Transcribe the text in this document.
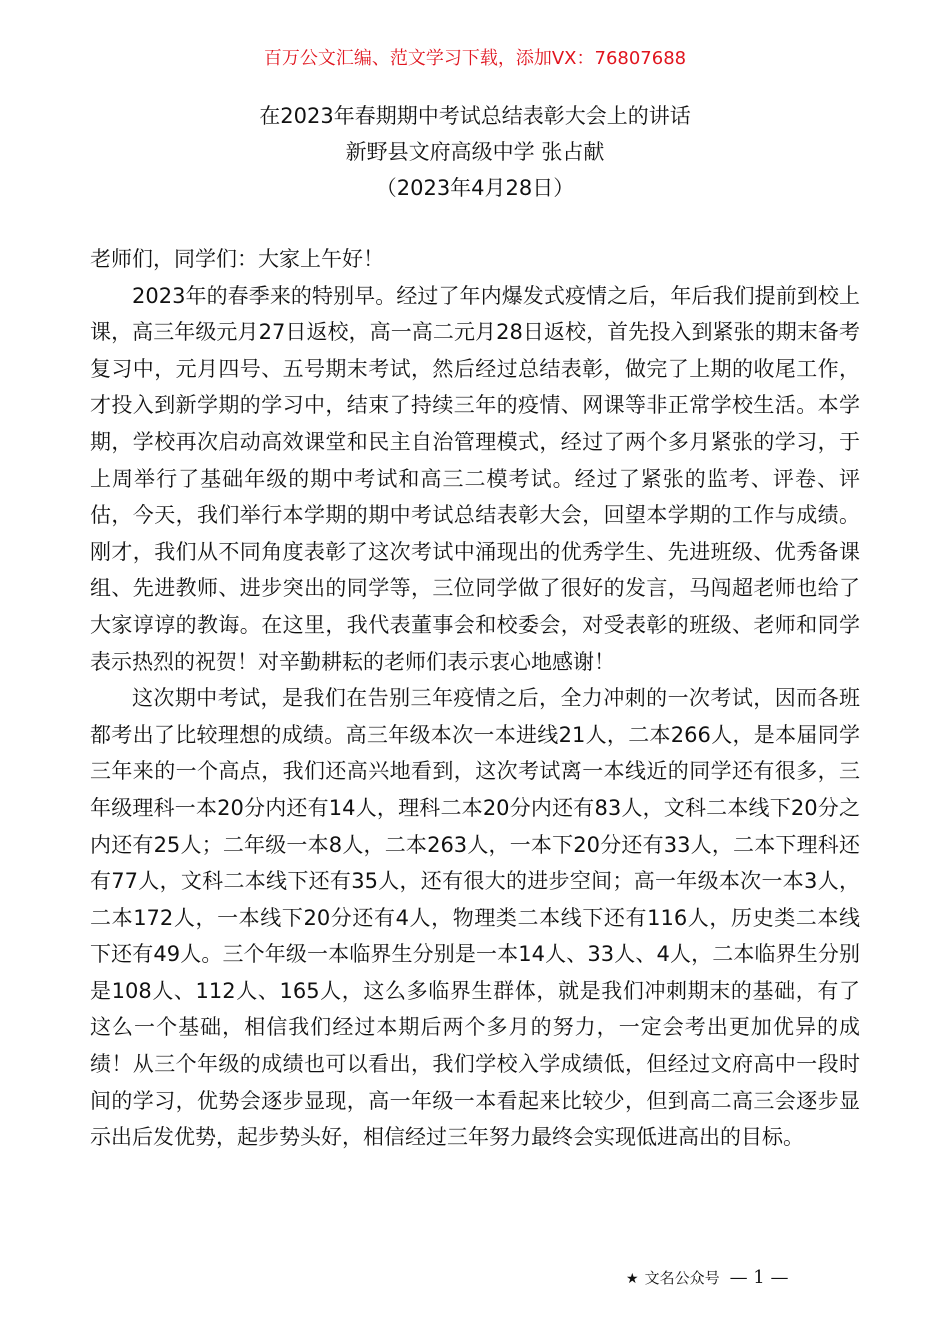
百万公文汇编、范文学习下载，添加VX：76807688
在2023年春期期中考试总结表彰大会上的讲话
新野县文府高级中学 张占献
（2023年4月28日）

老师们，同学们：大家上午好！

2023年的春季来的特别早。经过了年内爆发式疫情之后，年后我们提前到校上课，高三年级元月27日返校，高一高二元月28日返校，首先投入到紧张的期末备考复习中，元月四号、五号期末考试，然后经过总结表彰，做完了上期的收尾工作，才投入到新学期的学习中，结束了持续三年的疫情、网课等非正常学校生活。本学期，学校再次启动高效课堂和民主自治管理模式，经过了两个多月紧张的学习，于上周举行了基础年级的期中考试和高三二模考试。经过了紧张的监考、评卷、评估，今天，我们举行本学期的期中考试总结表彰大会，回望本学期的工作与成绩。刚才，我们从不同角度表彰了这次考试中涌现出的优秀学生、先进班级、优秀备课组、先进教师、进步突出的同学等，三位同学做了很好的发言，马闯超老师也给了大家谆谆的教诲。在这里，我代表董事会和校委会，对受表彰的班级、老师和同学表示热烈的祝贺！对辛勤耕耘的老师们表示衷心地感谢！

这次期中考试，是我们在告别三年疫情之后，全力冲刺的一次考试，因而各班都考出了比较理想的成绩。高三年级本次一本进线21人，二本266人，是本届同学三年来的一个高点，我们还高兴地看到，这次考试离一本线近的同学还有很多，三年级理科一本20分内还有14人，理科二本20分内还有83人，文科二本线下20分之内还有25人；二年级一本8人，二本263人，一本下20分还有33人，二本下理科还有77人，文科二本线下还有35人，还有很大的进步空间；高一年级本次一本3人，二本172人，一本线下20分还有4人，物理类二本线下还有116人，历史类二本线下还有49人。三个年级一本临界生分别是一本14人、33人、4人，二本临界生分别是108人、112人、165人，这么多临界生群体，就是我们冲刺期末的基础，有了这么一个基础，相信我们经过本期后两个多月的努力，一定会考出更加优异的成绩！从三个年级的成绩也可以看出，我们学校入学成绩低，但经过文府高中一段时间的学习，优势会逐步显现，高一年级一本看起来比较少，但到高二高三会逐步显示出后发优势，起步势头好，相信经过三年努力最终会实现低进高出的目标。

★ 文名公众号 — 1 —
